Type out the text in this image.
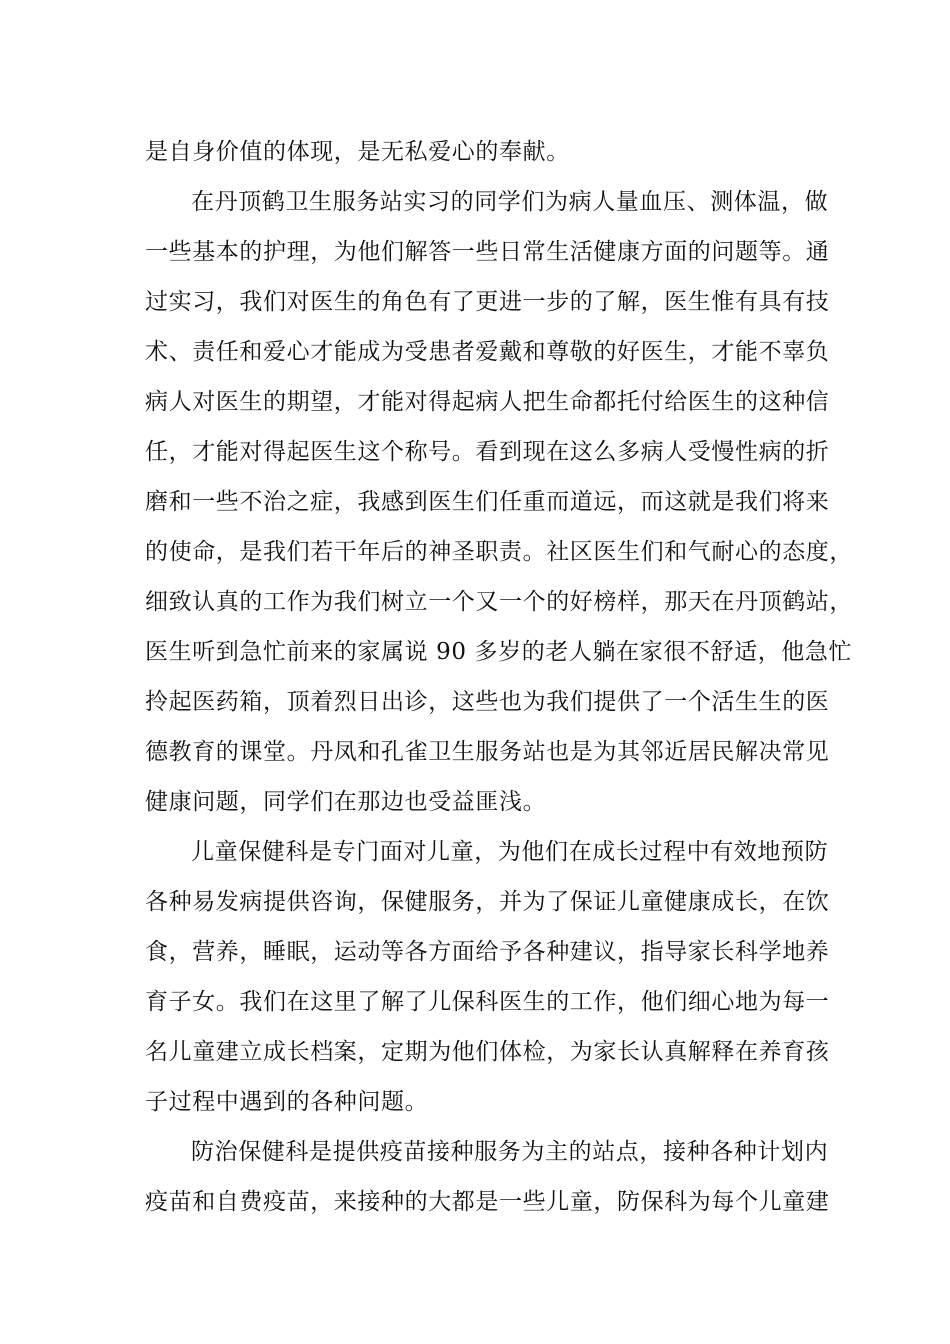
是自身价值的体现，是无私爱心的奉献。
在丹顶鹤卫生服务站实习的同学们为病人量血压、测体温，做
一些基本的护理，为他们解答一些日常生活健康方面的问题等。通
过实习，我们对医生的角色有了更进一步的了解，医生惟有具有技
术、责任和爱心才能成为受患者爱戴和尊敬的好医生，才能不辜负
病人对医生的期望，才能对得起病人把生命都托付给医生的这种信
任，才能对得起医生这个称号。看到现在这么多病人受慢性病的折
磨和一些不治之症，我感到医生们任重而道远，而这就是我们将来
的使命，是我们若干年后的神圣职责。社区医生们和气耐心的态度，
细致认真的工作为我们树立一个又一个的好榜样，那天在丹顶鹤站，
医生听到急忙前来的家属说 90 多岁的老人躺在家很不舒适，他急忙
拎起医药箱，顶着烈日出诊，这些也为我们提供了一个活生生的医
德教育的课堂。丹凤和孔雀卫生服务站也是为其邻近居民解决常见
健康问题，同学们在那边也受益匪浅。
儿童保健科是专门面对儿童，为他们在成长过程中有效地预防
各种易发病提供咨询，保健服务，并为了保证儿童健康成长，在饮
食，营养，睡眠，运动等各方面给予各种建议，指导家长科学地养
育子女。我们在这里了解了儿保科医生的工作，他们细心地为每一
名儿童建立成长档案，定期为他们体检，为家长认真解释在养育孩
子过程中遇到的各种问题。
防治保健科是提供疫苗接种服务为主的站点，接种各种计划内
疫苗和自费疫苗，来接种的大都是一些儿童，防保科为每个儿童建
